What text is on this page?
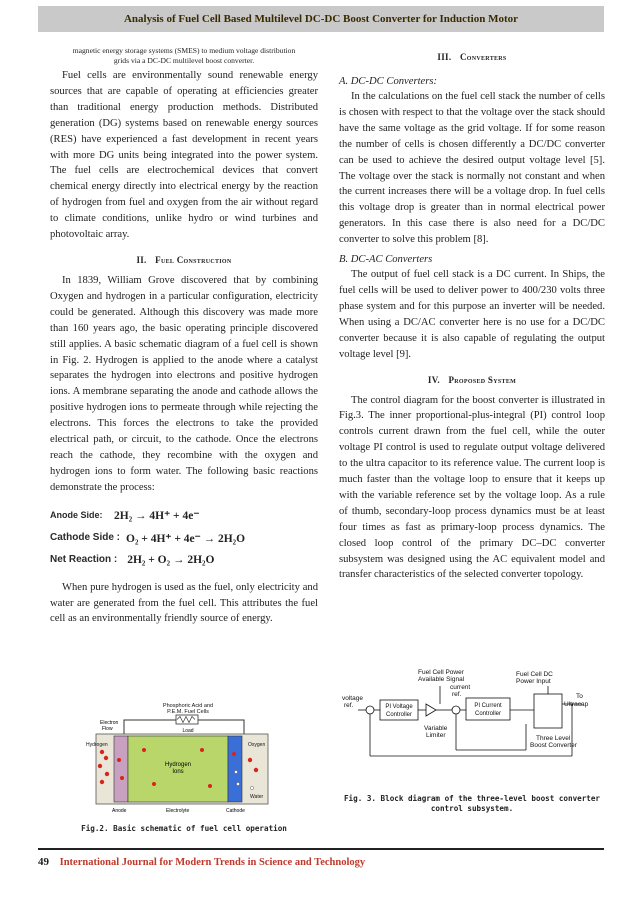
Analysis of Fuel Cell Based Multilevel DC-DC Boost Converter for Induction Motor

magnetic energy storage systems (SMES) to medium voltage distribution

grids via a DC-DC multilevel boost converter.

Fuel cells are environmentally sound renewable energy sources that are capable of operating at efficiencies greater than traditional energy production methods. Distributed generation (DG) systems based on renewable energy sources (RES) have experienced a fast development in recent years with more DG units being integrated into the power system. The fuel cells are electrochemical devices that convert chemical energy directly into electrical energy by the reaction of hydrogen from fuel and oxygen from the air without regard to climate conditions, unlike hydro or wind turbines and photovoltaic array.

II. Fuel Construction

In 1839, William Grove discovered that by combining Oxygen and hydrogen in a particular configuration, electricity could be generated. Although this discovery was made more than 160 years ago, the basic operating principle discovered still applies. A basic schematic diagram of a fuel cell is shown in Fig. 2. Hydrogen is applied to the anode where a catalyst separates the hydrogen into electrons and positive hydrogen ions. A membrane separating the anode and cathode allows the positive hydrogen ions to permeate through while rejecting the electrons. This forces the electrons to take the provided electrical path, or circuit, to the cathode. Once the electrons reach the cathode, they recombine with the oxygen and hydrogen ions to form water. The following basic reactions demonstrate the process:

Anode Side: 2H₂ → 4H⁺ + 4e⁻
Cathode Side : O₂ + 4H⁺ + 4e⁻ → 2H₂O
Net Reaction : 2H₂ + O₂ → 2H₂O

When pure hydrogen is used as the fuel, only electricity and water are generated from the fuel cell. This attributes the fuel cell as an environmentally friendly source of energy.

Phosphoric Acid and
P.E.M. Fuel Cells
Load
Electron
Flow
Hydrogen
Ions
Hydrogen	Oxygen
Water
Anode	Electrolyte	Cathode

Fig.2. Basic schematic of fuel cell operation

III. Converters
A. DC-DC Converters:

In the calculations on the fuel cell stack the number of cells is chosen with respect to that the voltage over the stack should have the same voltage as the grid voltage. If for some reason the number of cells is chosen differently a DC/DC converter can be used to achieve the desired output voltage level [5]. The voltage over the stack is normally not constant and when the current increases there will be a voltage drop. In fuel cells this voltage drop is greater than in normal electrical power generators. In this case there is also need for a DC/DC converter to solve this problem [8].

B. DC-AC Converters

The output of fuel cell stack is a DC current. In Ships, the fuel cells will be used to deliver power to 400/230 volts three phase system and for this purpose an inverter will be needed. When using a DC/AC converter here is no use for a DC/DC converter because it is also capable of regulating the output voltage level [9].

IV. Proposed System

The control diagram for the boost converter is illustrated in Fig.3. The inner proportional-plus-integral (PI) control loop controls current drawn from the fuel cell, while the outer voltage PI control is used to regulate output voltage delivered to the ultra capacitor to its reference value. The current loop is much faster than the voltage loop to ensure that it keeps up with the variable reference set by the voltage loop. As a rule of thumb, secondary-loop process dynamics must be at least four times as fast as primary-loop process dynamics. The closed loop control of the primary DC–DC converter subsystem was designed using the AC equivalent model and transfer characteristics of the selected converter topology.

Fuel Cell Power
Available Signal
current
ref.
Fuel Cell DC
Power Input
voltage
ref.
To
Ultracap
Variable
Limiter	Three Level
Boost Converter
PI Voltage
Controller
PI Current
Controller

Fig. 3. Block diagram of the three-level boost converter

control subsystem.

49 International Journal for Modern Trends in Science and Technology
